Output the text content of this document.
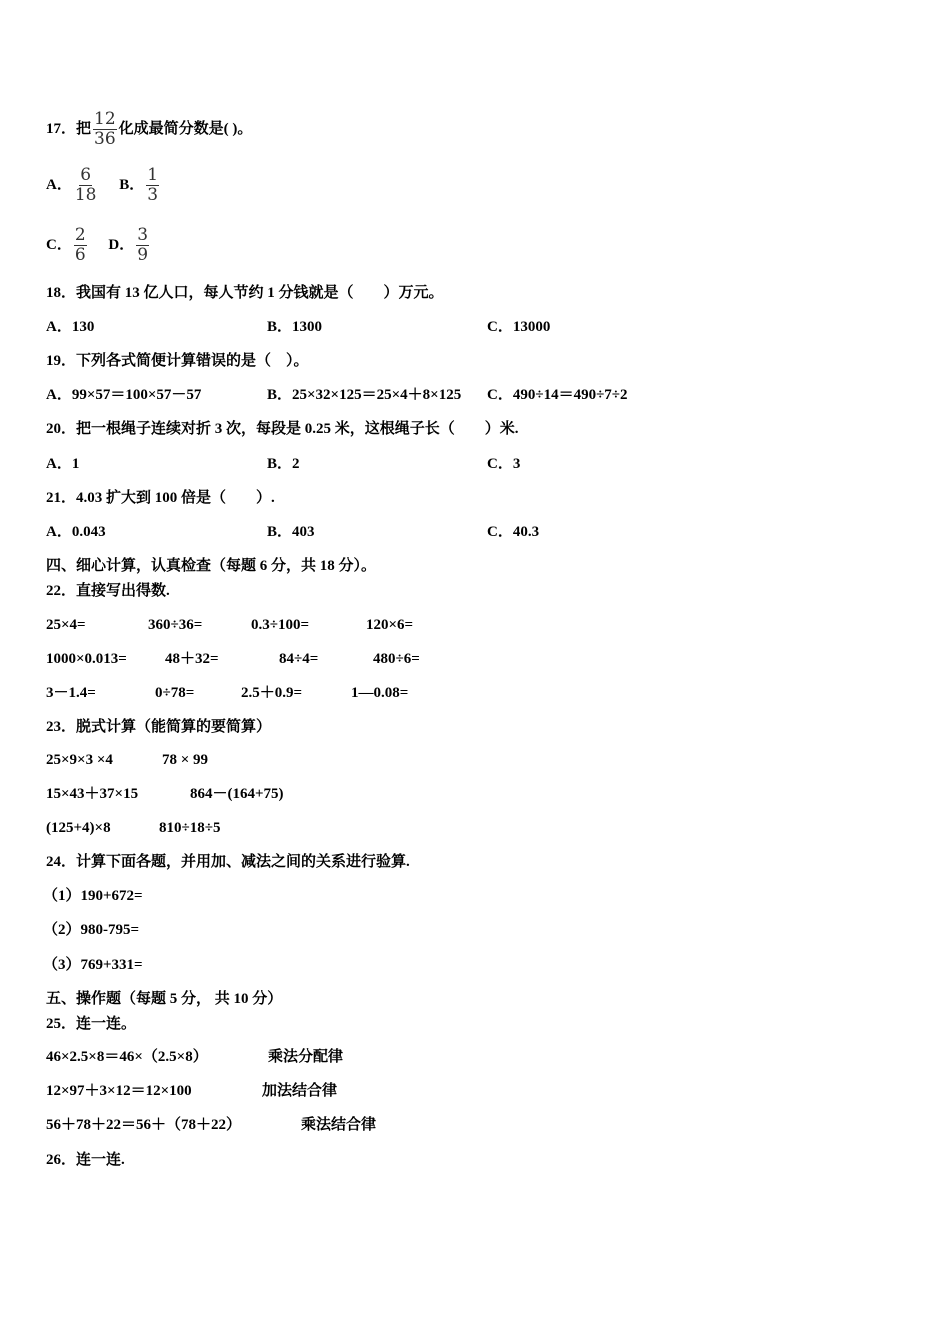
17．把 $\frac{12}{36}$ 化成最简分数是( )。
A． $\frac{6}{18}$ B． $\frac{1}{3}$
C． $\frac{2}{6}$ D． $\frac{3}{9}$
18．我国有 13 亿人口，每人节约 1 分钱就是（　　）万元。
A．130	B．1300	C．13000
19．下列各式简便计算错误的是（　）。
A．99×57＝100×57－57	B．25×32×125＝25×4＋8×125 C．490÷14＝490÷7÷2
20．把一根绳子连续对折 3 次，每段是 0.25 米，这根绳子长（　　）米.
A．1	B．2	C．3
21．4.03 扩大到 100 倍是（　　）.
A．0.043	B．403	C．40.3
四、细心计算，认真检查（每题 6 分，共 18 分）。
22．直接写出得数.
25×4=	360÷36=	0.3÷100=	120×6=
1000×0.013=	48＋32=	84÷4=	480÷6=
3－1.4=	0÷78=	2.5＋0.9=	1—0.08=
23．脱式计算（能简算的要简算）
25×9×3 ×4	78 × 99
15×43＋37×15	864－(164+75)
(125+4)×8	810÷18÷5
24．计算下面各题，并用加、减法之间的关系进行验算.
（1）190+672=
（2）980-795=
（3）769+331=
五、操作题（每题 5 分， 共 10 分）
25．连一连。
46×2.5×8＝46×（2.5×8）	乘法分配律
12×97＋3×12＝12×100	加法结合律
56＋78＋22＝56＋（78＋22）	乘法结合律
26．连一连.
